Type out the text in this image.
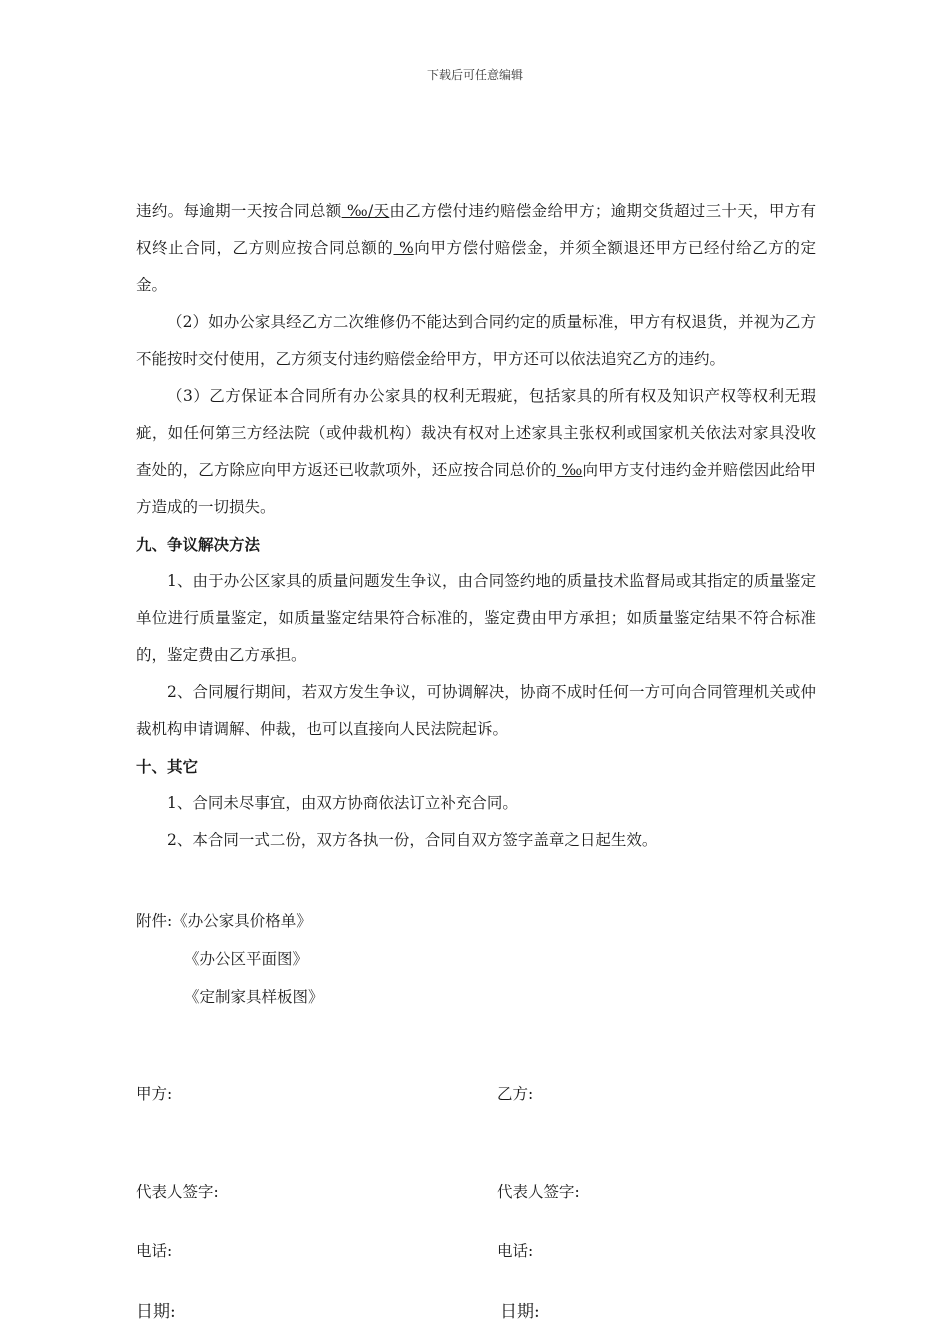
下载后可任意编辑

违约。每逾期一天按合同总额 ‰/天由乙方偿付违约赔偿金给甲方；逾期交货超过三十天，甲方有权终止合同，乙方则应按合同总额的 %向甲方偿付赔偿金，并须全额退还甲方已经付给乙方的定金。

（2）如办公家具经乙方二次维修仍不能达到合同约定的质量标准，甲方有权退货，并视为乙方不能按时交付使用，乙方须支付违约赔偿金给甲方，甲方还可以依法追究乙方的违约。

（3）乙方保证本合同所有办公家具的权利无瑕疵，包括家具的所有权及知识产权等权利无瑕疵，如任何第三方经法院（或仲裁机构）裁决有权对上述家具主张权利或国家机关依法对家具没收查处的，乙方除应向甲方返还已收款项外，还应按合同总价的 ‰向甲方支付违约金并赔偿因此给甲方造成的一切损失。

九、争议解决方法

1、由于办公区家具的质量问题发生争议，由合同签约地的质量技术监督局或其指定的质量鉴定单位进行质量鉴定，如质量鉴定结果符合标准的，鉴定费由甲方承担；如质量鉴定结果不符合标准的，鉴定费由乙方承担。

2、合同履行期间，若双方发生争议，可协调解决，协商不成时任何一方可向合同管理机关或仲裁机构申请调解、仲裁，也可以直接向人民法院起诉。

十、其它

1、合同未尽事宜，由双方协商依法订立补充合同。

2、本合同一式二份，双方各执一份，合同自双方签字盖章之日起生效。

附件:《办公家具价格单》
《办公区平面图》
《定制家具样板图》
甲方:	乙方:
代表人签字:	代表人签字:
电话:	电话:
日期:	日期:
